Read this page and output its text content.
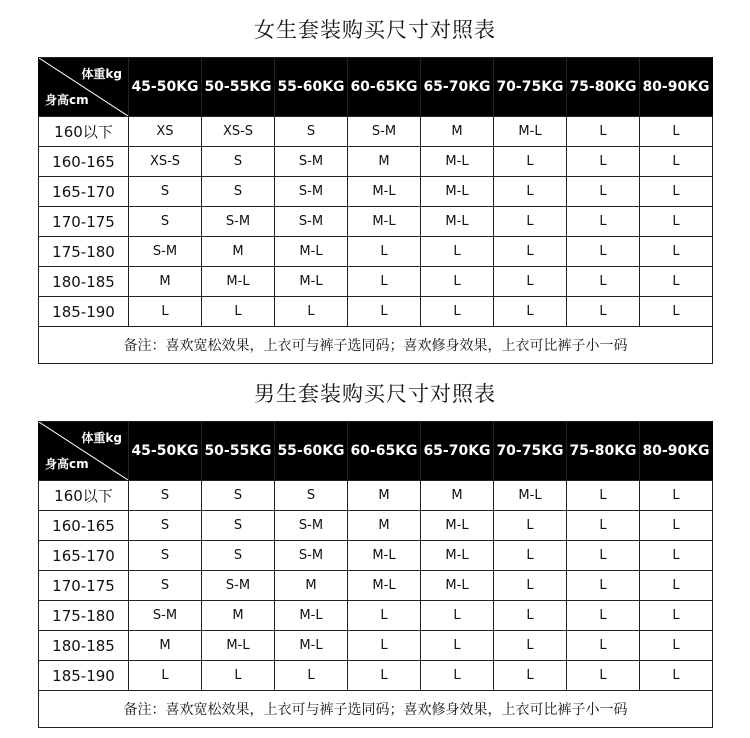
女生套装购买尺寸对照表
体重kg
身高cm	45-50KG	50-55KG	55-60KG	60-65KG	65-70KG	70-75KG	75-80KG	80-90KG
160以下	XS	XS-S	S	S-M	M	M-L	L	L
160-165	XS-S	S	S-M	M	M-L	L	L	L
165-170	S	S	S-M	M-L	M-L	L	L	L
170-175	S	S-M	S-M	M-L	M-L	L	L	L
175-180	S-M	M	M-L	L	L	L	L	L
180-185	M	M-L	M-L	L	L	L	L	L
185-190	L	L	L	L	L	L	L	L
备注：喜欢宽松效果，上衣可与裤子选同码；喜欢修身效果，上衣可比裤子小一码								
男生套装购买尺寸对照表
体重kg
身高cm	45-50KG	50-55KG	55-60KG	60-65KG	65-70KG	70-75KG	75-80KG	80-90KG
160以下	S	S	S	M	M	M-L	L	L
160-165	S	S	S-M	M	M-L	L	L	L
165-170	S	S	S-M	M-L	M-L	L	L	L
170-175	S	S-M	M	M-L	M-L	L	L	L
175-180	S-M	M	M-L	L	L	L	L	L
180-185	M	M-L	M-L	L	L	L	L	L
185-190	L	L	L	L	L	L	L	L
备注：喜欢宽松效果，上衣可与裤子选同码；喜欢修身效果，上衣可比裤子小一码								
